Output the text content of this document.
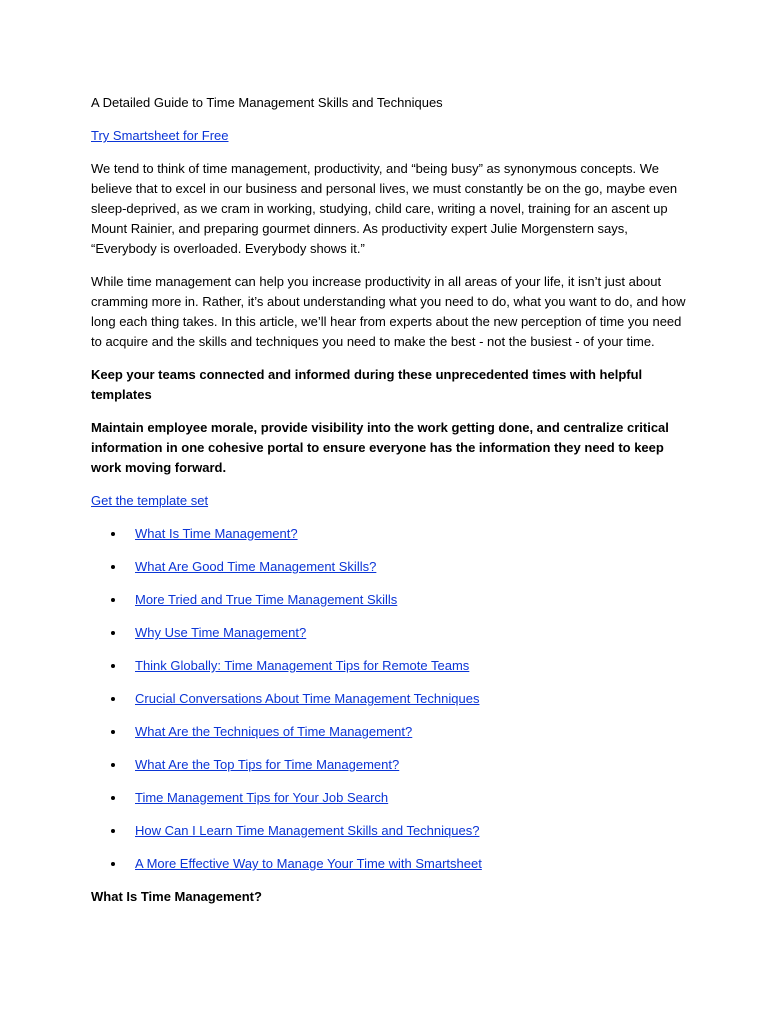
A Detailed Guide to Time Management Skills and Techniques

Try Smartsheet for Free

We tend to think of time management, productivity, and “being busy” as synonymous concepts. We believe that to excel in our business and personal lives, we must constantly be on the go, maybe even sleep-deprived, as we cram in working, studying, child care, writing a novel, training for an ascent up Mount Rainier, and preparing gourmet dinners. As productivity expert Julie Morgenstern says, “Everybody is overloaded. Everybody shows it.”

While time management can help you increase productivity in all areas of your life, it isn’t just about cramming more in. Rather, it’s about understanding what you need to do, what you want to do, and how long each thing takes. In this article, we’ll hear from experts about the new perception of time you need to acquire and the skills and techniques you need to make the best - not the busiest - of your time.

Keep your teams connected and informed during these unprecedented times with helpful templates

Maintain employee morale, provide visibility into the work getting done, and centralize critical information in one cohesive portal to ensure everyone has the information they need to keep work moving forward.

Get the template set

What Is Time Management?
What Are Good Time Management Skills?
More Tried and True Time Management Skills
Why Use Time Management?
Think Globally: Time Management Tips for Remote Teams
Crucial Conversations About Time Management Techniques
What Are the Techniques of Time Management?
What Are the Top Tips for Time Management?
Time Management Tips for Your Job Search
How Can I Learn Time Management Skills and Techniques?
A More Effective Way to Manage Your Time with Smartsheet

What Is Time Management?
